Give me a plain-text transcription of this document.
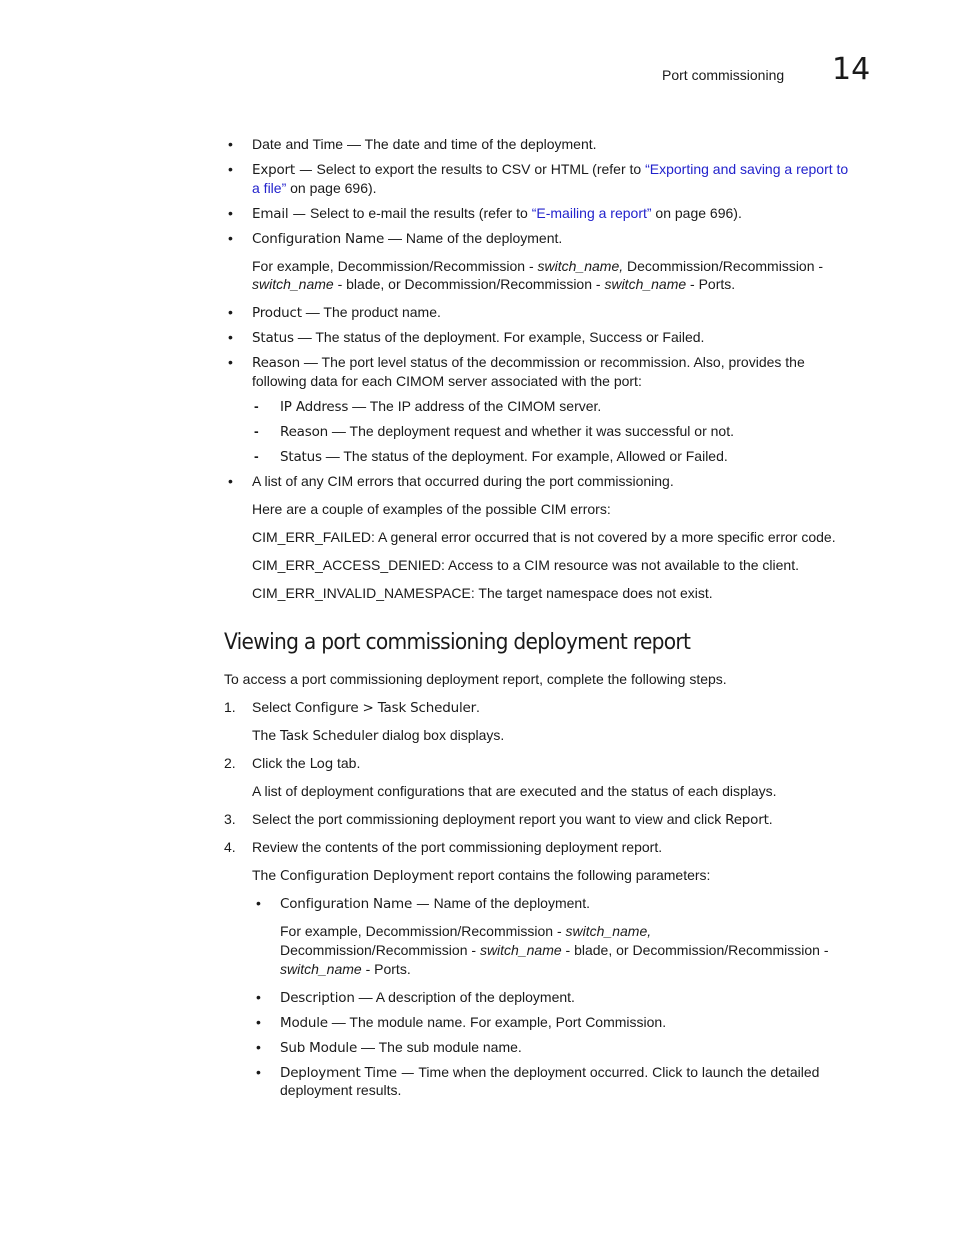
Port commissioning 14
• Date and Time — The date and time of the deployment.
• Export — Select to export the results to CSV or HTML (refer to “Exporting and saving a report to
a file” on page 696).
• Email — Select to e-mail the results (refer to “E-mailing a report” on page 696).
• Configuration Name — Name of the deployment.
For example, Decommission/Recommission - switch_name, Decommission/Recommission -
switch_name - blade, or Decommission/Recommission - switch_name - Ports.
• Product — The product name.
• Status — The status of the deployment. For example, Success or Failed.
• Reason — The port level status of the decommission or recommission. Also, provides the
following data for each CIMOM server associated with the port:
- IP Address — The IP address of the CIMOM server.
- Reason — The deployment request and whether it was successful or not.
- Status — The status of the deployment. For example, Allowed or Failed.
• A list of any CIM errors that occurred during the port commissioning.
Here are a couple of examples of the possible CIM errors:
CIM_ERR_FAILED: A general error occurred that is not covered by a more specific error code.
CIM_ERR_ACCESS_DENIED: Access to a CIM resource was not available to the client.
CIM_ERR_INVALID_NAMESPACE: The target namespace does not exist.
Viewing a port commissioning deployment report
To access a port commissioning deployment report, complete the following steps.
1. Select Configure > Task Scheduler.
The Task Scheduler dialog box displays.
2. Click the Log tab.
A list of deployment configurations that are executed and the status of each displays.
3. Select the port commissioning deployment report you want to view and click Report.
4. Review the contents of the port commissioning deployment report.
The Configuration Deployment report contains the following parameters:
• Configuration Name — Name of the deployment.
For example, Decommission/Recommission - switch_name,
Decommission/Recommission - switch_name - blade, or Decommission/Recommission -
switch_name - Ports.
• Description — A description of the deployment.
• Module — The module name. For example, Port Commission.
• Sub Module — The sub module name.
• Deployment Time — Time when the deployment occurred. Click to launch the detailed
deployment results.
